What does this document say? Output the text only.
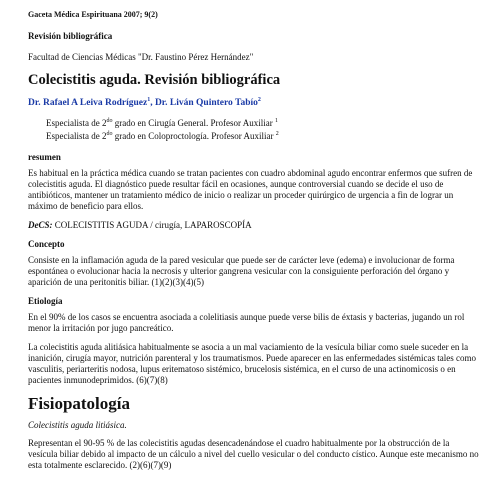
Gaceta Médica Espirituana 2007; 9(2)

Revisión bibliográfica

Facultad de Ciencias Médicas "Dr. Faustino Pérez Hernández"

Colecistitis aguda. Revisión bibliográfica

Dr. Rafael A Leiva Rodríguez$^1$, Dr. Liván Quintero Tabío$^2$

Especialista de $2^{do}$ grado en Cirugía General. Profesor Auxiliar $^1$

Especialista de $2^{do}$ grado en Coloproctología. Profesor Auxiliar $^2$

resumen

Es habitual en la práctica médica cuando se tratan pacientes con cuadro abdominal agudo encontrar enfermos que sufren de colecistitis aguda. El diagnóstico puede resultar fácil en ocasiones, aunque controversial cuando se decide el uso de antibióticos, mantener un tratamiento médico de inicio o realizar un proceder quirúrgico de urgencia a fin de lograr un máximo de beneficio para ellos.

DeCS: COLECISTITIS AGUDA / cirugía, LAPAROSCOPÍA

Concepto

Consiste en la inflamación aguda de la pared vesicular que puede ser de carácter leve (edema) e involucionar de forma espontánea o evolucionar hacia la necrosis y ulterior gangrena vesicular con la consiguiente perforación del órgano y aparición de una peritonitis biliar. (1)(2)(3)(4)(5)

Etiología

En el 90% de los casos se encuentra asociada a colelitiasis aunque puede verse bilis de éxtasis y bacterias, jugando un rol menor la irritación por jugo pancreático.

La colecistitis aguda alitiásica habitualmente se asocia a un mal vaciamiento de la vesícula biliar como suele suceder en la inanición, cirugía mayor, nutrición parenteral y los traumatismos. Puede aparecer en las enfermedades sistémicas tales como vasculitis, periarteritis nodosa, lupus eritematoso sistémico, brucelosis sistémica, en el curso de una actinomicosis o en pacientes inmunodeprimidos. (6)(7)(8)

Fisiopatología

Colecistitis aguda litiásica.

Representan el 90-95 % de las colecistitis agudas desencadenándose el cuadro habitualmente por la obstrucción de la vesícula biliar debido al impacto de un cálculo a nivel del cuello vesicular o del conducto cístico. Aunque este mecanismo no esta totalmente esclarecido. (2)(6)(7)(9)
